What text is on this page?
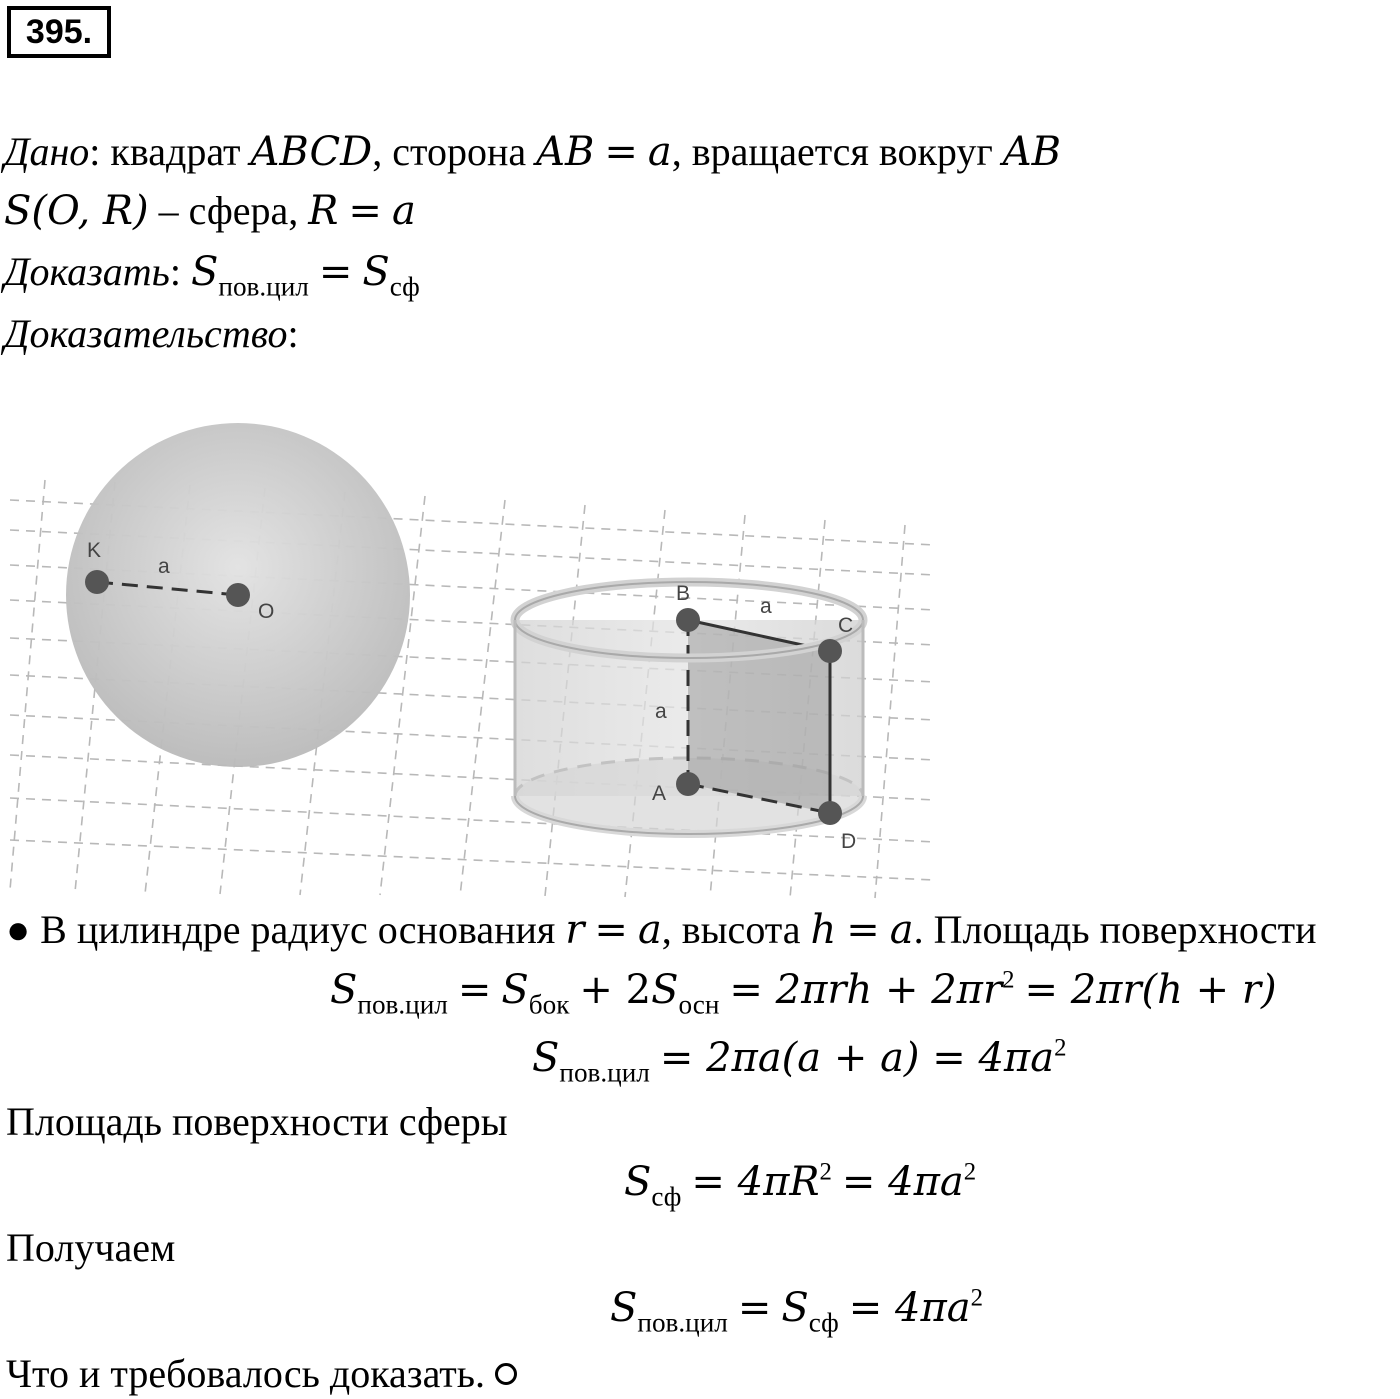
395.
Дано: квадрат ABCD, сторона AB = a, вращается вокруг AB
S(O, R) – сфера, R = a
Доказать: $S_{пов.цил} = S_{сф}$
Доказательство:
K
O
a
B
C
A
D
a
a
● В цилиндре радиус основания r = a, высота h = a. Площадь поверхности
$S_{пов.цил} = S_{бок} + 2S_{осн} = 2\pi rh + 2\pi r^2 = 2\pi r(h + r)$
$S_{пов.цил} = 2\pi a(a + a) = 4\pi a^2$
Площадь поверхности сферы
$S_{сф} = 4\pi R^2 = 4\pi a^2$
Получаем
$S_{пов.цил} = S_{сф} = 4\pi a^2$
Что и требовалось доказать.
